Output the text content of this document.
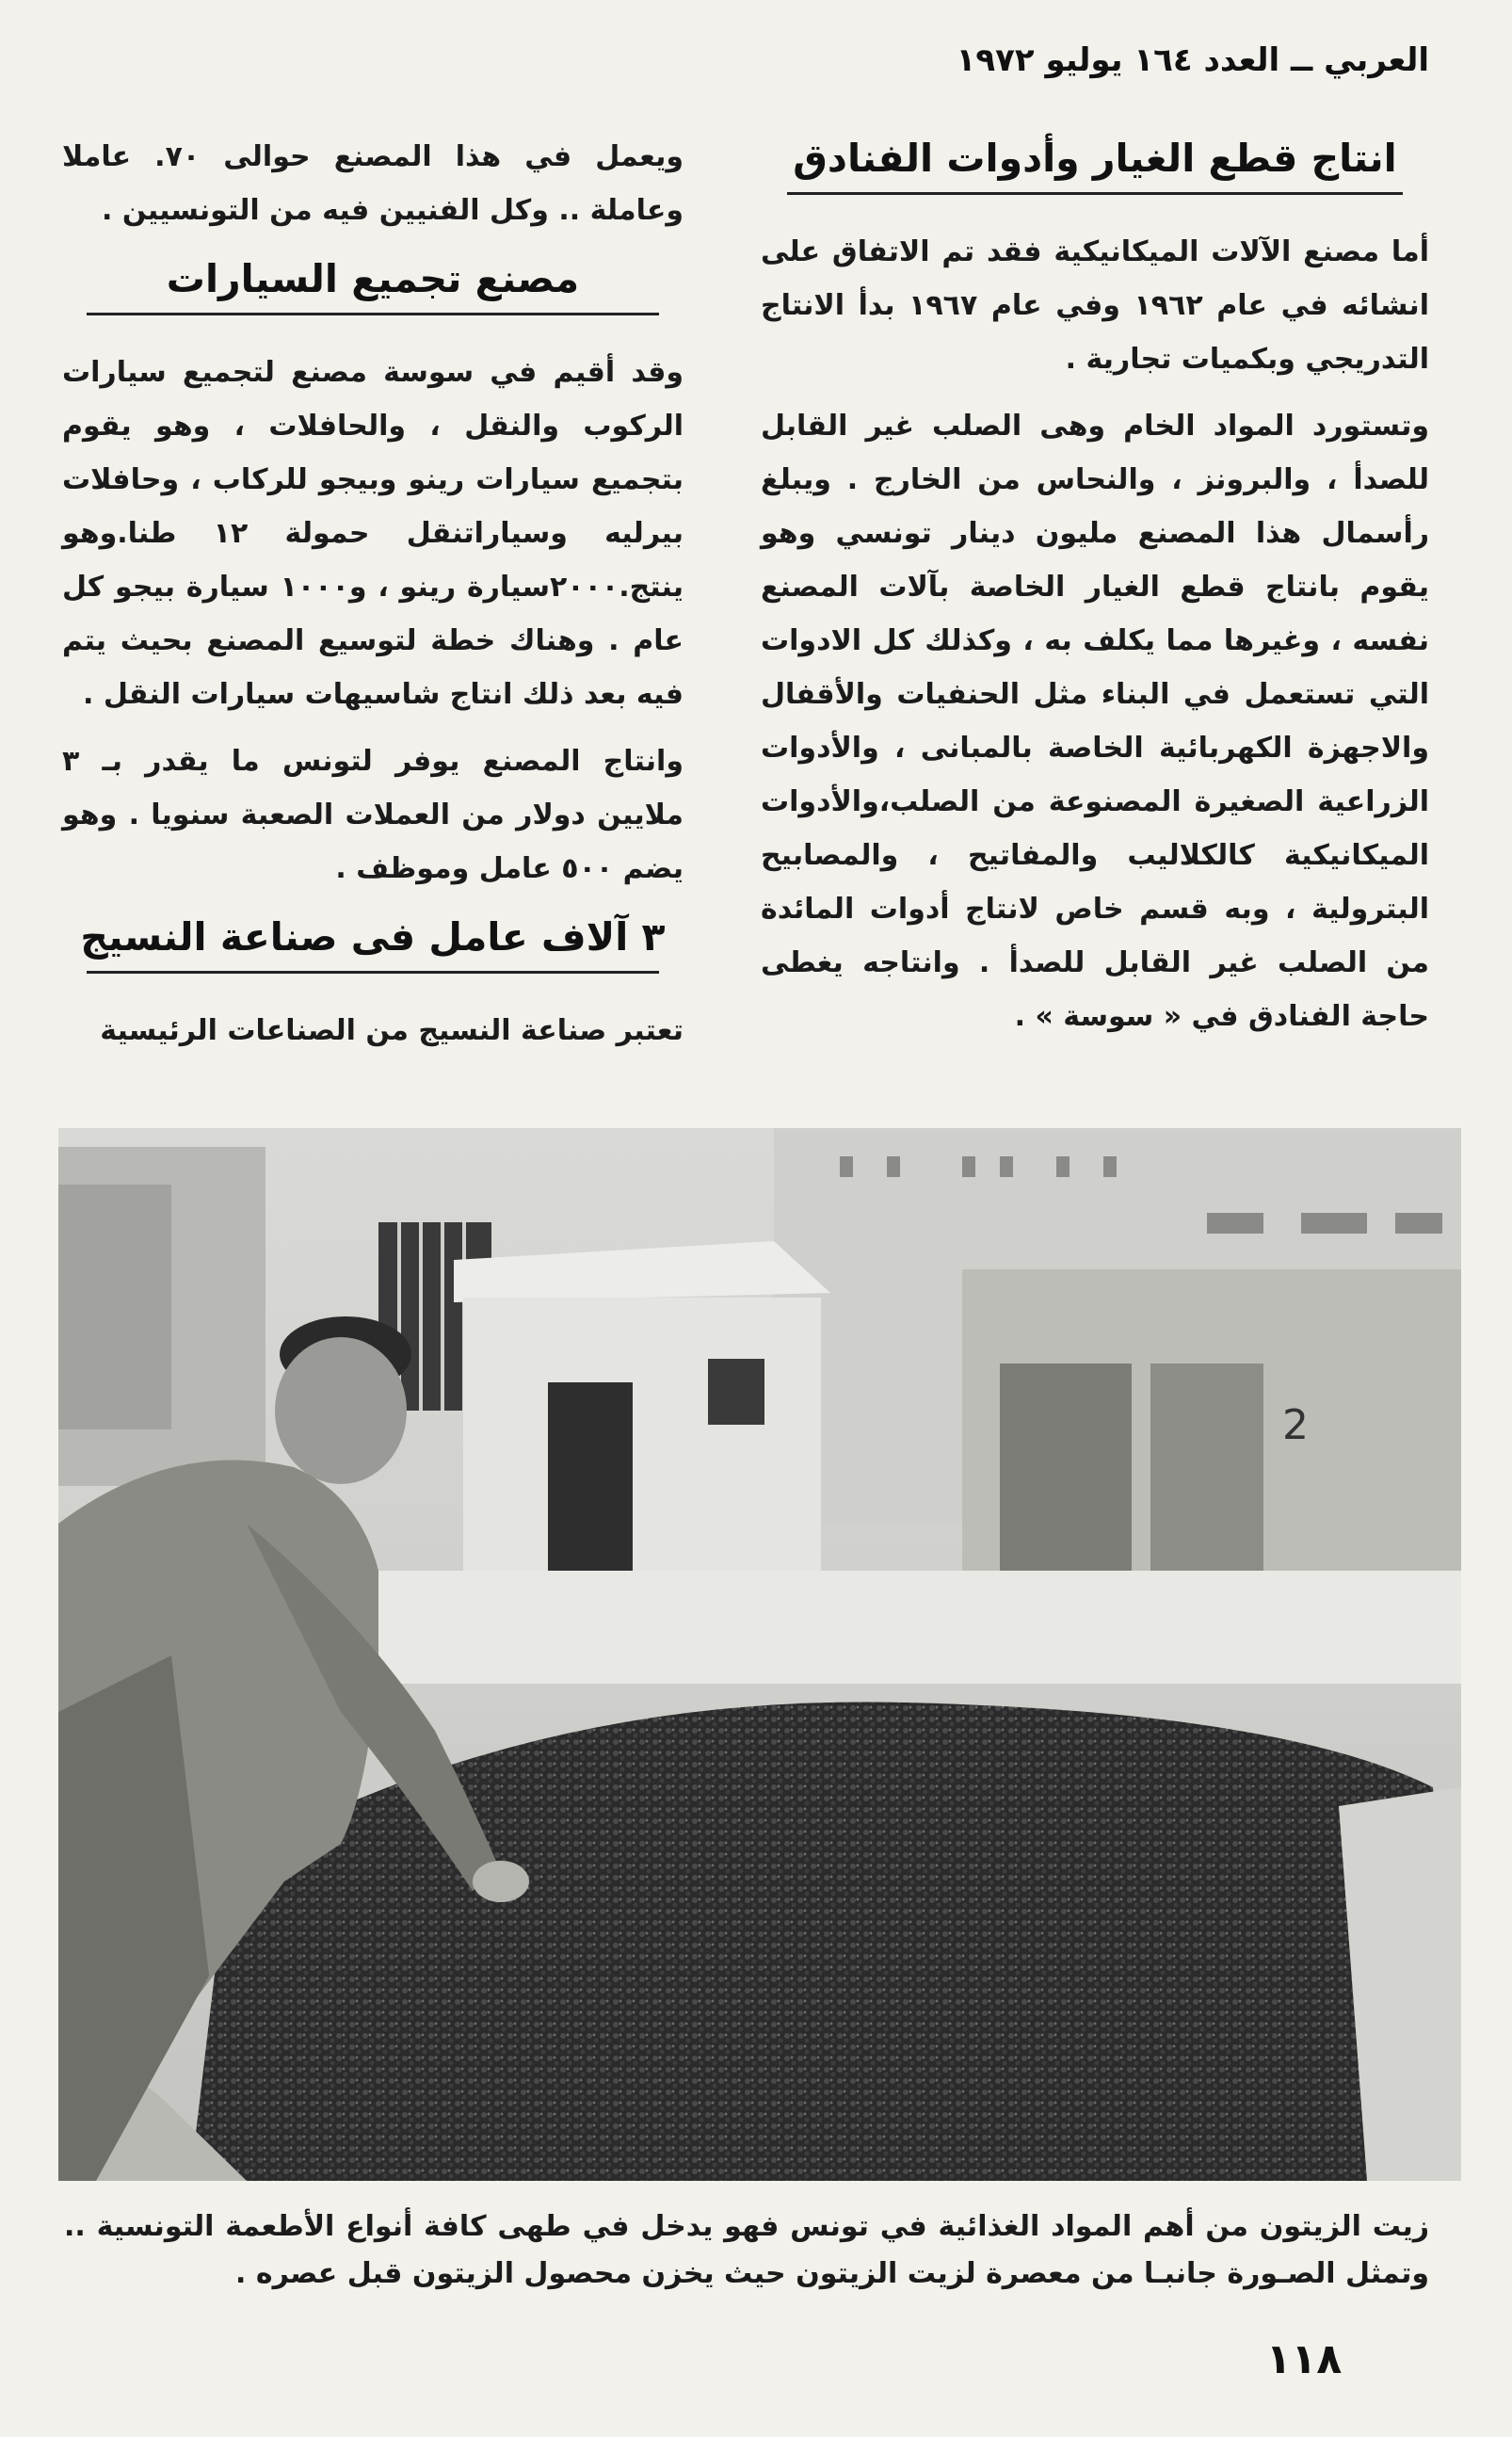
العربي ــ العدد ١٦٤ يوليو ١٩٧٢
انتاج قطع الغيار وأدوات الفنادق

أما مصنع الآلات الميكانيكية فقد تم الاتفاق على انشائه في عام ١٩٦٢ وفي عام ١٩٦٧ بدأ الانتاج التدريجي وبكميات تجارية .

وتستورد المواد الخام وهى الصلب غير القابل للصدأ ، والبرونز ، والنحاس من الخارج . ويبلغ رأسمال هذا المصنع مليون دينار تونسي وهو يقوم بانتاج قطع الغيار الخاصة بآلات المصنع نفسه ، وغيرها مما يكلف به ، وكذلك كل الادوات التي تستعمل في البناء مثل الحنفيات والأقفال والاجهزة الكهربائية الخاصة بالمبانى ، والأدوات الزراعية الصغيرة المصنوعة من الصلب،والأدوات الميكانيكية كالكلاليب والمفاتيح ، والمصابيح البترولية ، وبه قسم خاص لانتاج أدوات المائدة من الصلب غير القابل للصدأ . وانتاجه يغطى حاجة الفنادق في « سوسة » .

ويعمل في هذا المصنع حوالى ٧٠. عاملا وعاملة .. وكل الفنيين فيه من التونسيين .

مصنع تجميع السيارات

وقد أقيم في سوسة مصنع لتجميع سيارات الركوب والنقل ، والحافلات ، وهو يقوم بتجميع سيارات رينو وبيجو للركاب ، وحافلات بيرليه وسياراتنقل حمولة ١٢ طنا.وهو ينتج.٢٠٠٠سيارة رينو ، و١٠٠٠ سيارة بيجو كل عام . وهناك خطة لتوسيع المصنع بحيث يتم فيه بعد ذلك انتاج شاسيهات سيارات النقل .

وانتاج المصنع يوفر لتونس ما يقدر بـ ٣ ملايين دولار من العملات الصعبة سنويا . وهو يضم ٥٠٠ عامل وموظف .

٣ آلاف عامل فى صناعة النسيج

تعتبر صناعة النسيج من الصناعات الرئيسية

2

زيت الزيتون من أهم المواد الغذائية في تونس فهو يدخل في طهى كافة أنواع الأطعمة التونسية .. وتمثل الصـورة جانبـا من معصرة لزيت الزيتون حيث يخزن محصول الزيتون قبل عصره .

١١٨
